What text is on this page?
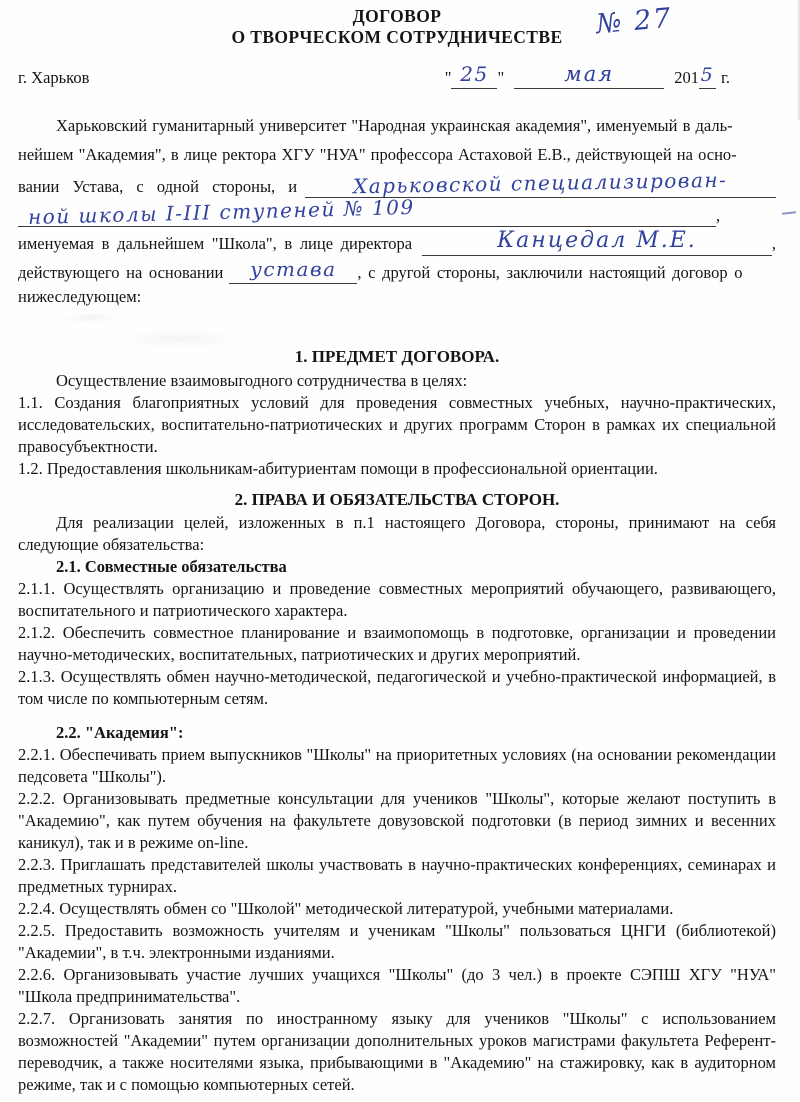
ДОГОВОР
О ТВОРЧЕСКОМ СОТРУДНИЧЕСТВЕ	№ 27
г. Харьков	" 25 "	мая	201 5 г.
Харьковский гуманитарный университет "Народная украинская академия", именуемый в даль-
нейшем "Академия", в лице ректора ХГУ "НУА" профессора Астаховой Е.В., действующей на осно-
вании Устава, с одной стороны, и	Харьковской специализирован-
ной школы I-III ступеней № 109	,
именуемая в дальнейшем "Школа", в лице директора	Канцедал М.Е.	,
действующего на основании	устава	, с другой стороны, заключили настоящий договор о
нижеследующем:
1. ПРЕДМЕТ ДОГОВОРА.

Осуществление взаимовыгодного сотрудничества в целях:

1.1. Создания благоприятных условий для проведения совместных учебных, научно-практических, исследовательских, воспитательно-патриотических и других программ Сторон в рамках их специальной правосубъектности.

1.2. Предоставления школьникам-абитуриентам помощи в профессиональной ориентации.

2. ПРАВА И ОБЯЗАТЕЛЬСТВА СТОРОН.

Для реализации целей, изложенных в п.1 настоящего Договора, стороны, принимают на себя следующие обязательства:

2.1. Совместные обязательства

2.1.1. Осуществлять организацию и проведение совместных мероприятий обучающего, развивающего, воспитательного и патриотического характера.

2.1.2. Обеспечить совместное планирование и взаимопомощь в подготовке, организации и проведении научно-методических, воспитательных, патриотических и других мероприятий.

2.1.3. Осуществлять обмен научно-методической, педагогической и учебно-практической информацией, в том числе по компьютерным сетям.

2.2. "Академия":

2.2.1. Обеспечивать прием выпускников "Школы" на приоритетных условиях (на основании рекомендации педсовета "Школы").

2.2.2. Организовывать предметные консультации для учеников "Школы", которые желают поступить в "Академию", как путем обучения на факультете довузовской подготовки (в период зимних и весенних каникул), так и в режиме on-line.

2.2.3. Приглашать представителей школы участвовать в научно-практических конференциях, семинарах и предметных турнирах.

2.2.4. Осуществлять обмен со "Школой" методической литературой, учебными материалами.

2.2.5. Предоставить возможность учителям и ученикам "Школы" пользоваться ЦНГИ (библиотекой) "Академии", в т.ч. электронными изданиями.

2.2.6. Организовывать участие лучших учащихся "Школы" (до 3 чел.) в проекте СЭПШ ХГУ "НУА" "Школа предпринимательства".

2.2.7. Организовать занятия по иностранному языку для учеников "Школы" с использованием возможностей "Академии" путем организации дополнительных уроков магистрами факультета Референт-переводчик, а также носителями языка, прибывающими в "Академию" на стажировку, как в аудиторном режиме, так и с помощью компьютерных сетей.
